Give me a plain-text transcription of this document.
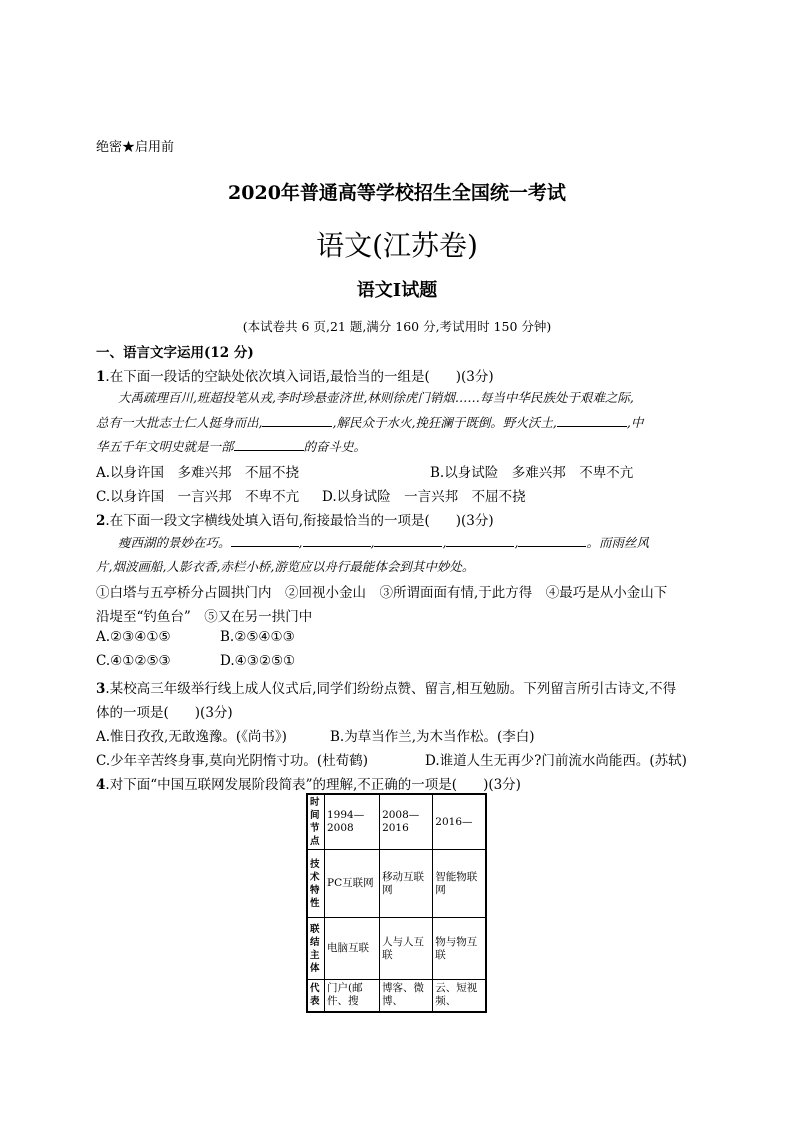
绝密★启用前
2020年普通高等学校招生全国统一考试
语文(江苏卷)
语文Ⅰ试题
(本试卷共 6 页,21 题,满分 160 分,考试用时 150 分钟)
一、语言文字运用(12 分)
1.在下面一段话的空缺处依次填入词语,最恰当的一组是( )(3分)
大禹疏理百川,班超投笔从戎,李时珍悬壶济世,林则徐虎门销烟……每当中华民族处于艰难之际,
总有一大批志士仁人挺身而出,	,解民众于水火,挽狂澜于既倒。野火沃土,	,中
华五千年文明史就是一部	的奋斗史。
A.以身许国　多难兴邦　不屈不挠	B.以身试险　多难兴邦　不卑不亢
C.以身许国　一言兴邦　不卑不亢 D.以身试险　一言兴邦　不屈不挠
2.在下面一段文字横线处填入语句,衔接最恰当的一项是( )(3分)
瘦西湖的景妙在巧。	,	,	,	,	。而雨丝风
片,烟波画船,人影衣香,赤栏小桥,游览应以舟行最能体会到其中妙处。
①白塔与五亭桥分占圆拱门内　②回视小金山　③所谓面面有情,于此方得　④最巧是从小金山下
沿堤至“钓鱼台”　⑤又在另一拱门中
A.②③④①⑤	B.②⑤④①③
C.④①②⑤③	D.④③②⑤①
3.某校高三年级举行线上成人仪式后,同学们纷纷点赞、留言,相互勉励。下列留言所引古诗文,不得
体的一项是( )(3分)
A.惟日孜孜,无敢逸豫。(《尚书》)	B.为草当作兰,为木当作松。(李白)
C.少年辛苦终身事,莫向光阴惰寸功。(杜荀鹤)	D.谁道人生无再少?门前流水尚能西。(苏轼)
4.对下面“中国互联网发展阶段简表”的理解,不正确的一项是( )(3分)
时间节点	1994—2008	2008—2016	2016—
技术特性	PC互联网	移动互联网	智能物联网
联结主体	电脑互联	人与人互联	物与物互联
代表	门户(邮件、搜	博客、微博、	云、短视频、
